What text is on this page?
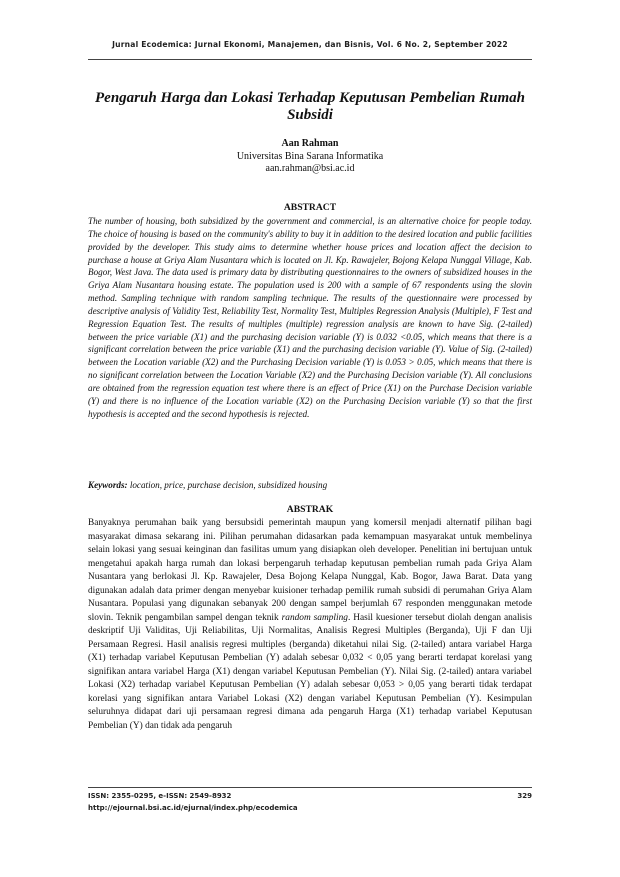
Jurnal Ecodemica: Jurnal Ekonomi, Manajemen, dan Bisnis, Vol. 6 No. 2, September 2022
Pengaruh Harga dan Lokasi Terhadap Keputusan Pembelian Rumah Subsidi
Aan Rahman
Universitas Bina Sarana Informatika
aan.rahman@bsi.ac.id
ABSTRACT

The number of housing, both subsidized by the government and commercial, is an alternative choice for people today. The choice of housing is based on the community's ability to buy it in addition to the desired location and public facilities provided by the developer. This study aims to determine whether house prices and location affect the decision to purchase a house at Griya Alam Nusantara which is located on Jl. Kp. Rawajeler, Bojong Kelapa Nunggal Village, Kab. Bogor, West Java. The data used is primary data by distributing questionnaires to the owners of subsidized houses in the Griya Alam Nusantara housing estate. The population used is 200 with a sample of 67 respondents using the slovin method. Sampling technique with random sampling technique. The results of the questionnaire were processed by descriptive analysis of Validity Test, Reliability Test, Normality Test, Multiples Regression Analysis (Multiple), F Test and Regression Equation Test. The results of multiples (multiple) regression analysis are known to have Sig. (2-tailed) between the price variable (X1) and the purchasing decision variable (Y) is 0.032 <0.05, which means that there is a significant correlation between the price variable (X1) and the purchasing decision variable (Y). Value of Sig. (2-tailed) between the Location variable (X2) and the Purchasing Decision variable (Y) is 0.053 > 0.05, which means that there is no significant correlation between the Location Variable (X2) and the Purchasing Decision variable (Y). All conclusions are obtained from the regression equation test where there is an effect of Price (X1) on the Purchase Decision variable (Y) and there is no influence of the Location variable (X2) on the Purchasing Decision variable (Y) so that the first hypothesis is accepted and the second hypothesis is rejected.

Keywords: location, price, purchase decision, subsidized housing
ABSTRAK

Banyaknya perumahan baik yang bersubsidi pemerintah maupun yang komersil menjadi alternatif pilihan bagi masyarakat dimasa sekarang ini. Pilihan perumahan didasarkan pada kemampuan masyarakat untuk membelinya selain lokasi yang sesuai keinginan dan fasilitas umum yang disiapkan oleh developer. Penelitian ini bertujuan untuk mengetahui apakah harga rumah dan lokasi berpengaruh terhadap keputusan pembelian rumah pada Griya Alam Nusantara yang berlokasi Jl. Kp. Rawajeler, Desa Bojong Kelapa Nunggal, Kab. Bogor, Jawa Barat. Data yang digunakan adalah data primer dengan menyebar kuisioner terhadap pemilik rumah subsidi di perumahan Griya Alam Nusantara. Populasi yang digunakan sebanyak 200 dengan sampel berjumlah 67 responden menggunakan metode slovin. Teknik pengambilan sampel dengan teknik random sampling. Hasil kuesioner tersebut diolah dengan analisis deskriptif Uji Validitas, Uji Reliabilitas, Uji Normalitas, Analisis Regresi Multiples (Berganda), Uji F dan Uji Persamaan Regresi. Hasil analisis regresi multiples (berganda) diketahui nilai Sig. (2-tailed) antara variabel Harga (X1) terhadap variabel Keputusan Pembelian (Y) adalah sebesar 0,032 < 0,05 yang berarti terdapat korelasi yang signifikan antara variabel Harga (X1) dengan variabel Keputusan Pembelian (Y). Nilai Sig. (2-tailed) antara variabel Lokasi (X2) terhadap variabel Keputusan Pembelian (Y) adalah sebesar 0,053 > 0,05 yang berarti tidak terdapat korelasi yang signifikan antara Variabel Lokasi (X2) dengan variabel Keputusan Pembelian (Y). Kesimpulan seluruhnya didapat dari uji persamaan regresi dimana ada pengaruh Harga (X1) terhadap variabel Keputusan Pembelian (Y) dan tidak ada pengaruh

ISSN: 2355-0295, e-ISSN: 2549-8932	329
http://ejournal.bsi.ac.id/ejurnal/index.php/ecodemica
